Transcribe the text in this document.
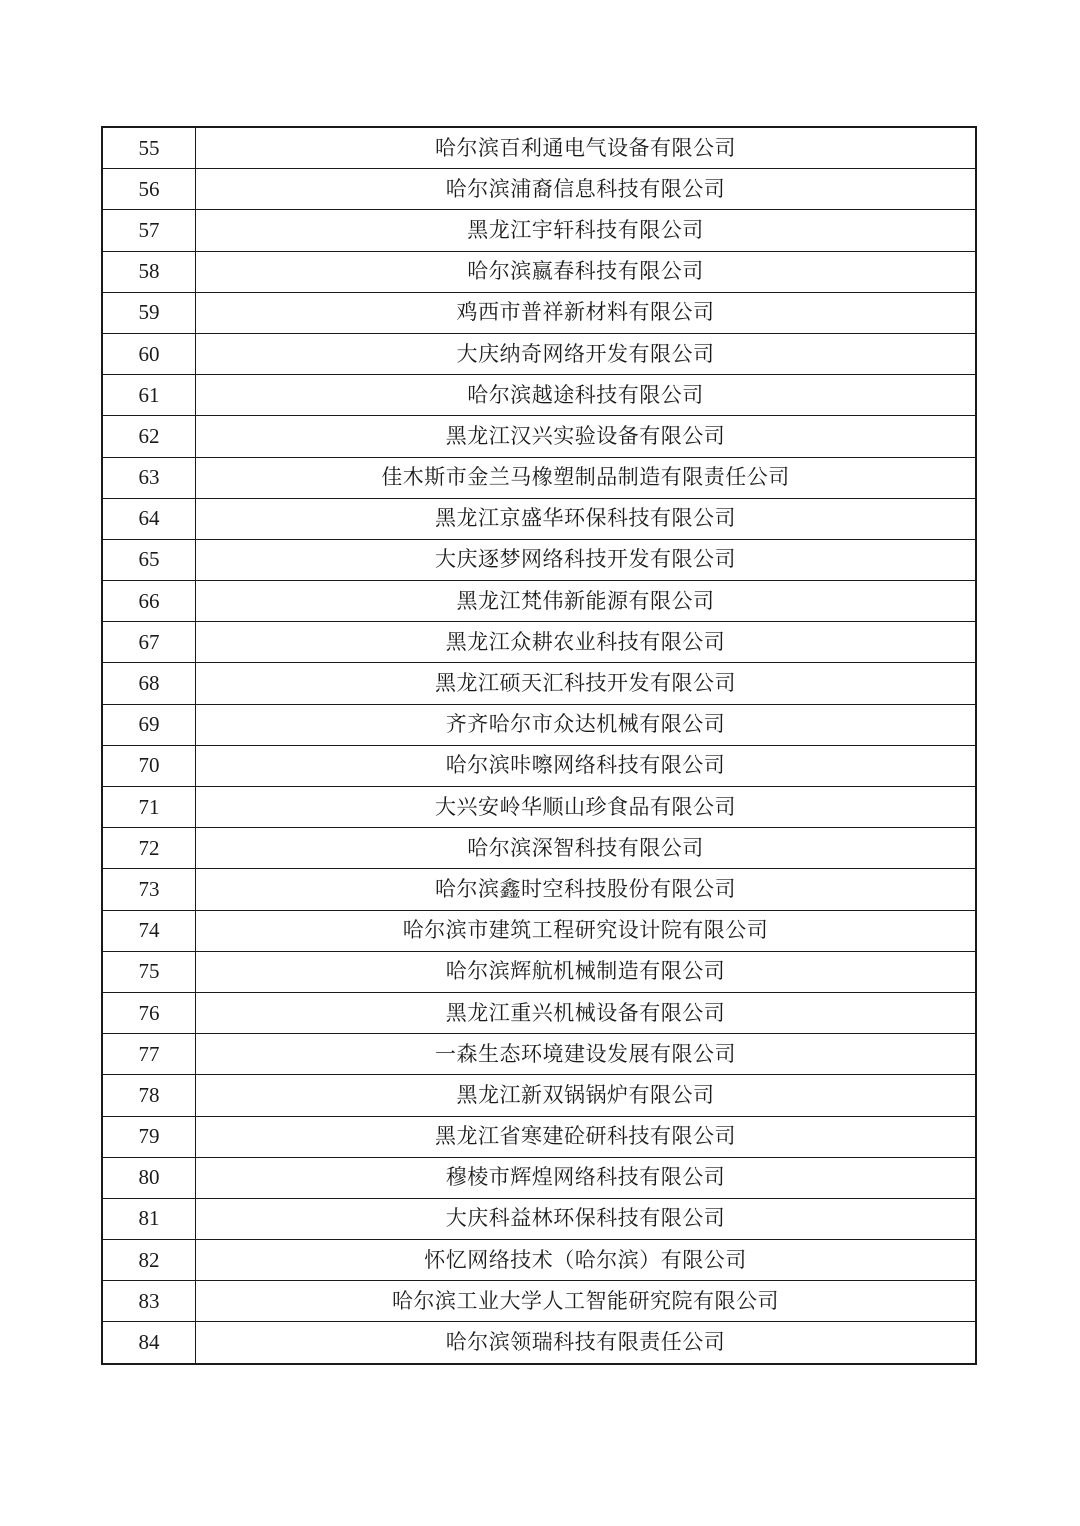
55	哈尔滨百利通电气设备有限公司
56	哈尔滨浦裔信息科技有限公司
57	黑龙江宇轩科技有限公司
58	哈尔滨嬴春科技有限公司
59	鸡西市普祥新材料有限公司
60	大庆纳奇网络开发有限公司
61	哈尔滨越途科技有限公司
62	黑龙江汉兴实验设备有限公司
63	佳木斯市金兰马橡塑制品制造有限责任公司
64	黑龙江京盛华环保科技有限公司
65	大庆逐梦网络科技开发有限公司
66	黑龙江梵伟新能源有限公司
67	黑龙江众耕农业科技有限公司
68	黑龙江硕天汇科技开发有限公司
69	齐齐哈尔市众达机械有限公司
70	哈尔滨咔嚓网络科技有限公司
71	大兴安岭华顺山珍食品有限公司
72	哈尔滨深智科技有限公司
73	哈尔滨鑫时空科技股份有限公司
74	哈尔滨市建筑工程研究设计院有限公司
75	哈尔滨辉航机械制造有限公司
76	黑龙江重兴机械设备有限公司
77	一森生态环境建设发展有限公司
78	黑龙江新双锅锅炉有限公司
79	黑龙江省寒建砼研科技有限公司
80	穆棱市辉煌网络科技有限公司
81	大庆科益林环保科技有限公司
82	怀忆网络技术（哈尔滨）有限公司
83	哈尔滨工业大学人工智能研究院有限公司
84	哈尔滨领瑞科技有限责任公司
